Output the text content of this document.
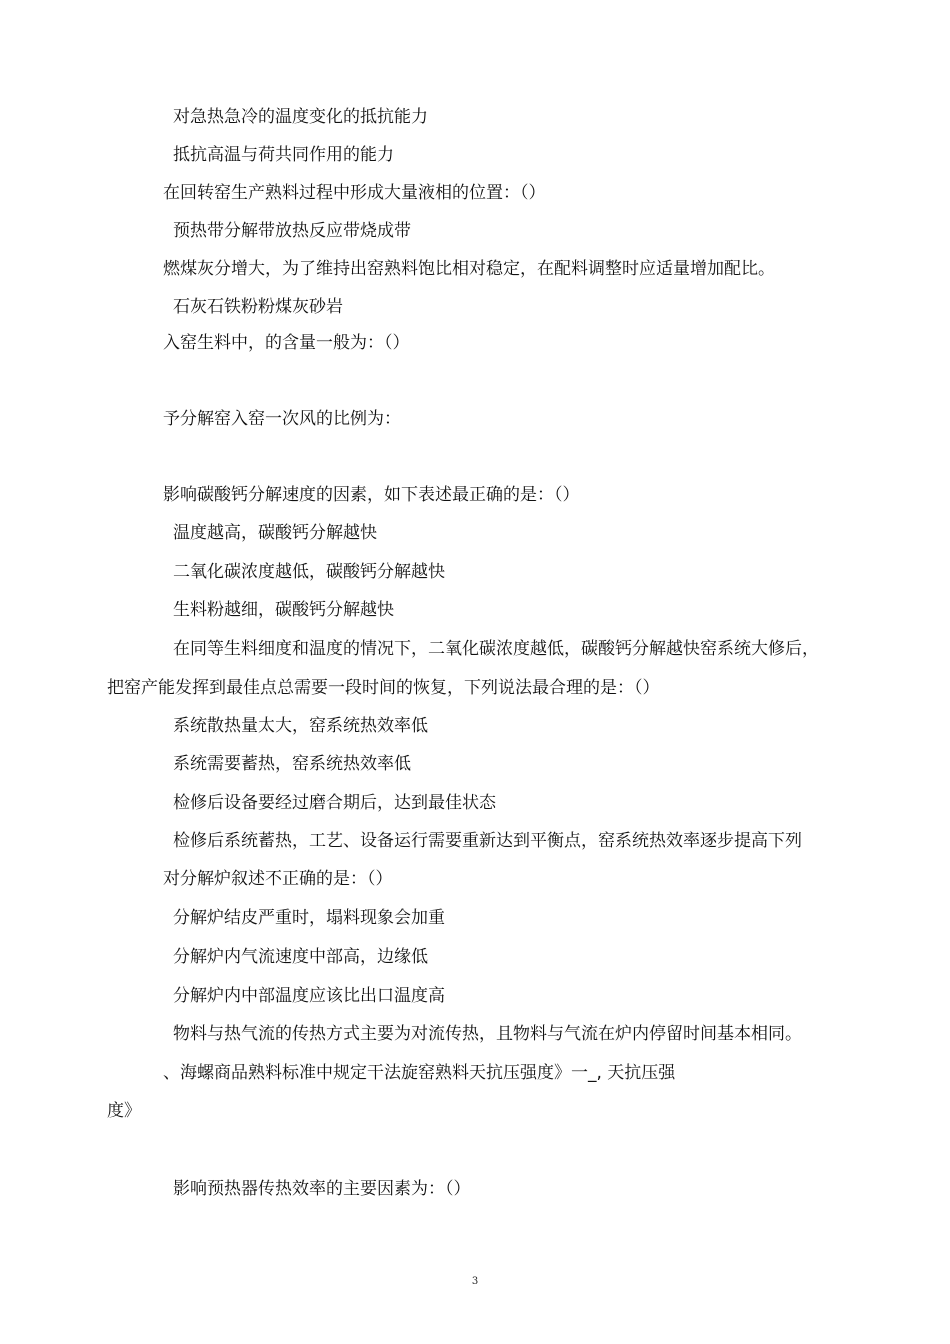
对急热急冷的温度变化的抵抗能力
抵抗高温与荷共同作用的能力
在回转窑生产熟料过程中形成大量液相的位置：（）
预热带分解带放热反应带烧成带
燃煤灰分增大，为了维持出窑熟料饱比相对稳定，在配料调整时应适量增加配比。
石灰石铁粉粉煤灰砂岩
入窑生料中，的含量一般为：（）
予分解窑入窑一次风的比例为：
影响碳酸钙分解速度的因素，如下表述最正确的是：（）
温度越高，碳酸钙分解越快
二氧化碳浓度越低，碳酸钙分解越快
生料粉越细，碳酸钙分解越快
在同等生料细度和温度的情况下，二氧化碳浓度越低，碳酸钙分解越快窑系统大修后，
把窑产能发挥到最佳点总需要一段时间的恢复，下列说法最合理的是：（）
系统散热量太大，窑系统热效率低
系统需要蓄热，窑系统热效率低
检修后设备要经过磨合期后，达到最佳状态
检修后系统蓄热，工艺、设备运行需要重新达到平衡点，窑系统热效率逐步提高下列
对分解炉叙述不正确的是：（）
分解炉结皮严重时，塌料现象会加重
分解炉内气流速度中部高，边缘低
分解炉内中部温度应该比出口温度高
物料与热气流的传热方式主要为对流传热，且物料与气流在炉内停留时间基本相同。
、海螺商品熟料标准中规定干法旋窑熟料天抗压强度》一_, 天抗压强
度》
影响预热器传热效率的主要因素为：（）
3
